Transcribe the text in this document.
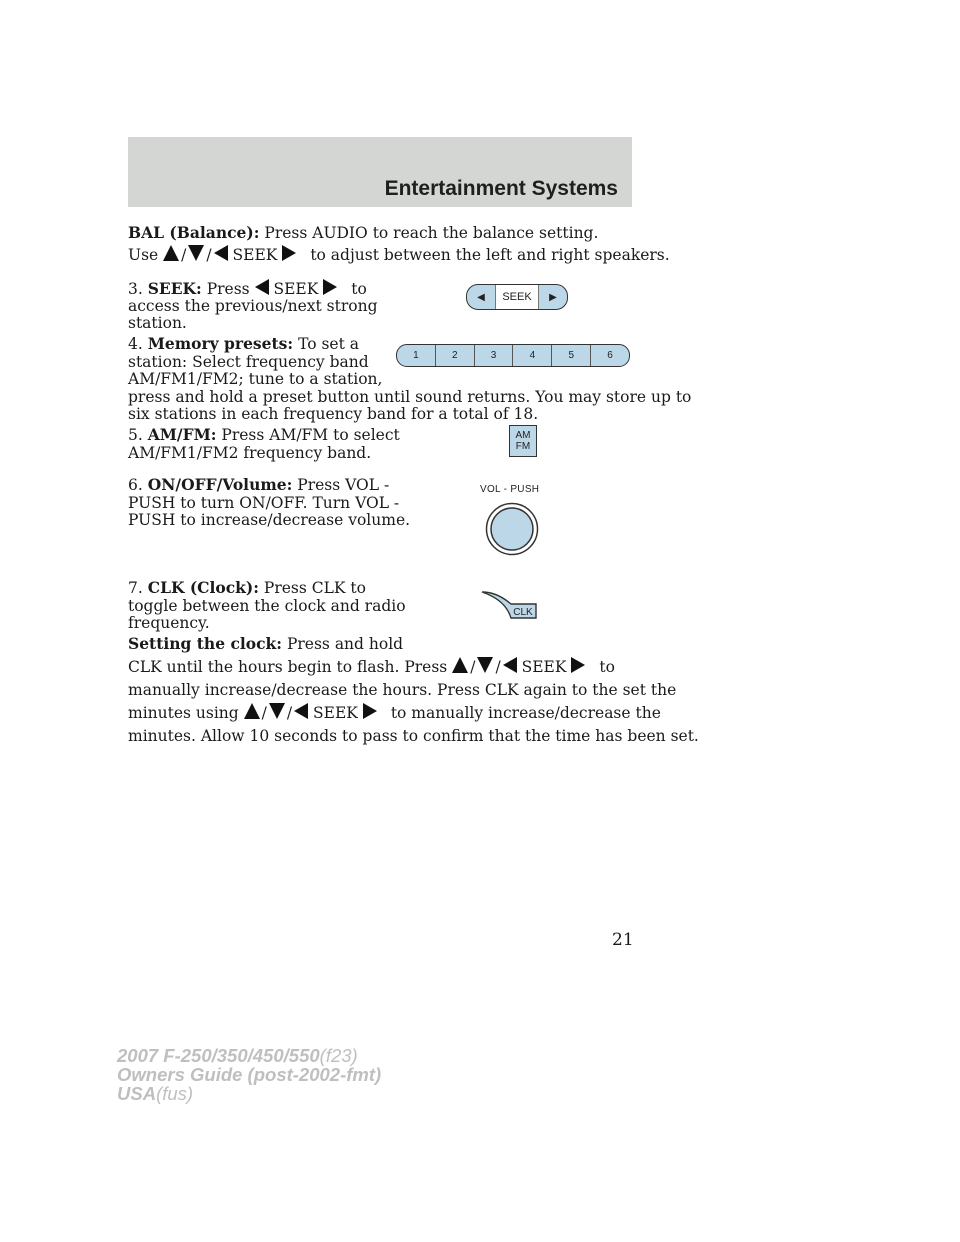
Entertainment Systems
BAL (Balance): Press AUDIO to reach the balance setting.
Use / / SEEK to adjust between the left and right speakers.
3. SEEK: Press SEEK to
access the previous/next strong
station.
4. Memory presets: To set a
station: Select frequency band
AM/FM1/FM2; tune to a station,
press and hold a preset button until sound returns. You may store up to
six stations in each frequency band for a total of 18.
5. AM/FM: Press AM/FM to select
AM/FM1/FM2 frequency band.
6. ON/OFF/Volume: Press VOL -
PUSH to turn ON/OFF. Turn VOL -
PUSH to increase/decrease volume.
7. CLK (Clock): Press CLK to
toggle between the clock and radio
frequency.
Setting the clock: Press and hold
CLK until the hours begin to flash. Press / / SEEK to
manually increase/decrease the hours. Press CLK again to the set the
minutes using / / SEEK to manually increase/decrease the
minutes. Allow 10 seconds to pass to confirm that the time has been set.
◀	SEEK	▶
1	2	3	4	5	6
AM
FM
VOL - PUSH
CLK
21
2007 F-250/350/450/550(f23)
Owners Guide (post-2002-fmt)
USA(fus)
